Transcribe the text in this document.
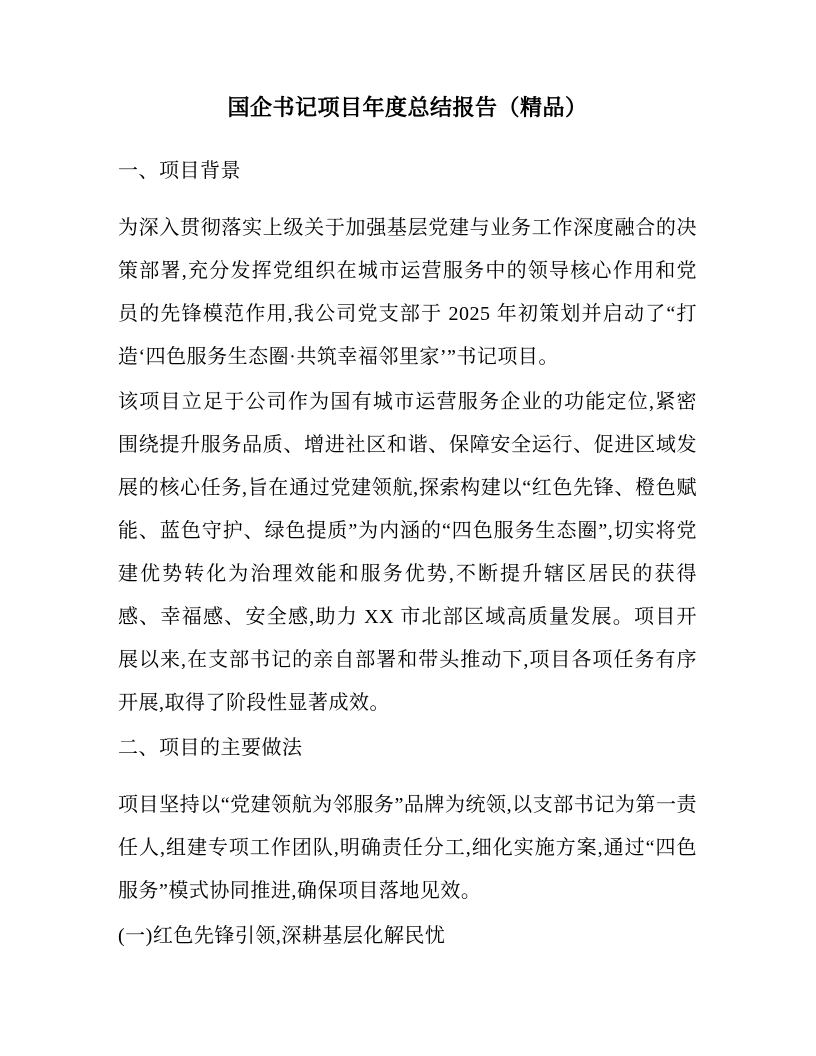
国企书记项目年度总结报告（精品）
一、项目背景

为深入贯彻落实上级关于加强基层党建与业务工作深度融合的决策部署,充分发挥党组织在城市运营服务中的领导核心作用和党员的先锋模范作用,我公司党支部于 2025 年初策划并启动了“打造‘四色服务生态圈·共筑幸福邻里家’”书记项目。

该项目立足于公司作为国有城市运营服务企业的功能定位,紧密围绕提升服务品质、增进社区和谐、保障安全运行、促进区域发展的核心任务,旨在通过党建领航,探索构建以“红色先锋、橙色赋能、蓝色守护、绿色提质”为内涵的“四色服务生态圈”,切实将党建优势转化为治理效能和服务优势,不断提升辖区居民的获得感、幸福感、安全感,助力 XX 市北部区域高质量发展。项目开展以来,在支部书记的亲自部署和带头推动下,项目各项任务有序开展,取得了阶段性显著成效。

二、项目的主要做法

项目坚持以“党建领航为邻服务”品牌为统领,以支部书记为第一责任人,组建专项工作团队,明确责任分工,细化实施方案,通过“四色服务”模式协同推进,确保项目落地见效。

(一)红色先锋引领,深耕基层化解民忧
